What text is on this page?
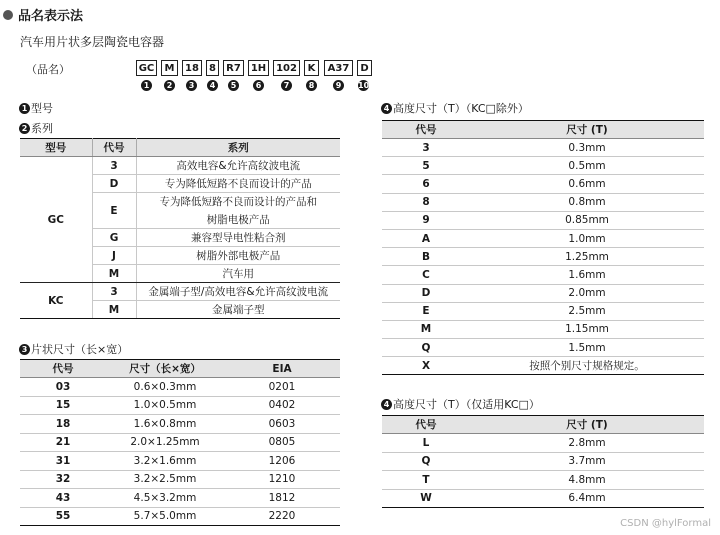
品名表示法
汽车用片状多层陶瓷电容器
（品名）	GC	M	18	8	R7	1H 102	K	A37	D
1	2	3	4	5	6	7	8	9	10
1 型号
2 系列
型号	代号	系列
GC	3	高效电容&允许高纹波电流
	D	专为降低短路不良而设计的产品
	E	专为降低短路不良而设计的产品和
		树脂电极产品
	G	兼容型导电性粘合剂
	J	树脂外部电极产品
	M	汽车用
KC	3	金属端子型/高效电容&允许高纹波电流
	M	金属端子型
3 片状尺寸（长×宽）
代号	尺寸（长×宽）	EIA
03	0.6×0.3mm	0201
15	1.0×0.5mm	0402
18	1.6×0.8mm	0603
21	2.0×1.25mm	0805
31	3.2×1.6mm	1206
32	3.2×2.5mm	1210
43	4.5×3.2mm	1812
55	5.7×5.0mm	2220
4 高度尺寸（T）（KC□除外）
代号	尺寸 (T)
3	0.3mm
5	0.5mm
6	0.6mm
8	0.8mm
9	0.85mm
A	1.0mm
B	1.25mm
C	1.6mm
D	2.0mm
E	2.5mm
M	1.15mm
Q	1.5mm
X	按照个别尺寸规格规定。
4 高度尺寸（T）（仅适用KC□）
代号	尺寸 (T)
L	2.8mm
Q	3.7mm
T	4.8mm
W	6.4mm
CSDN @hylFormal
